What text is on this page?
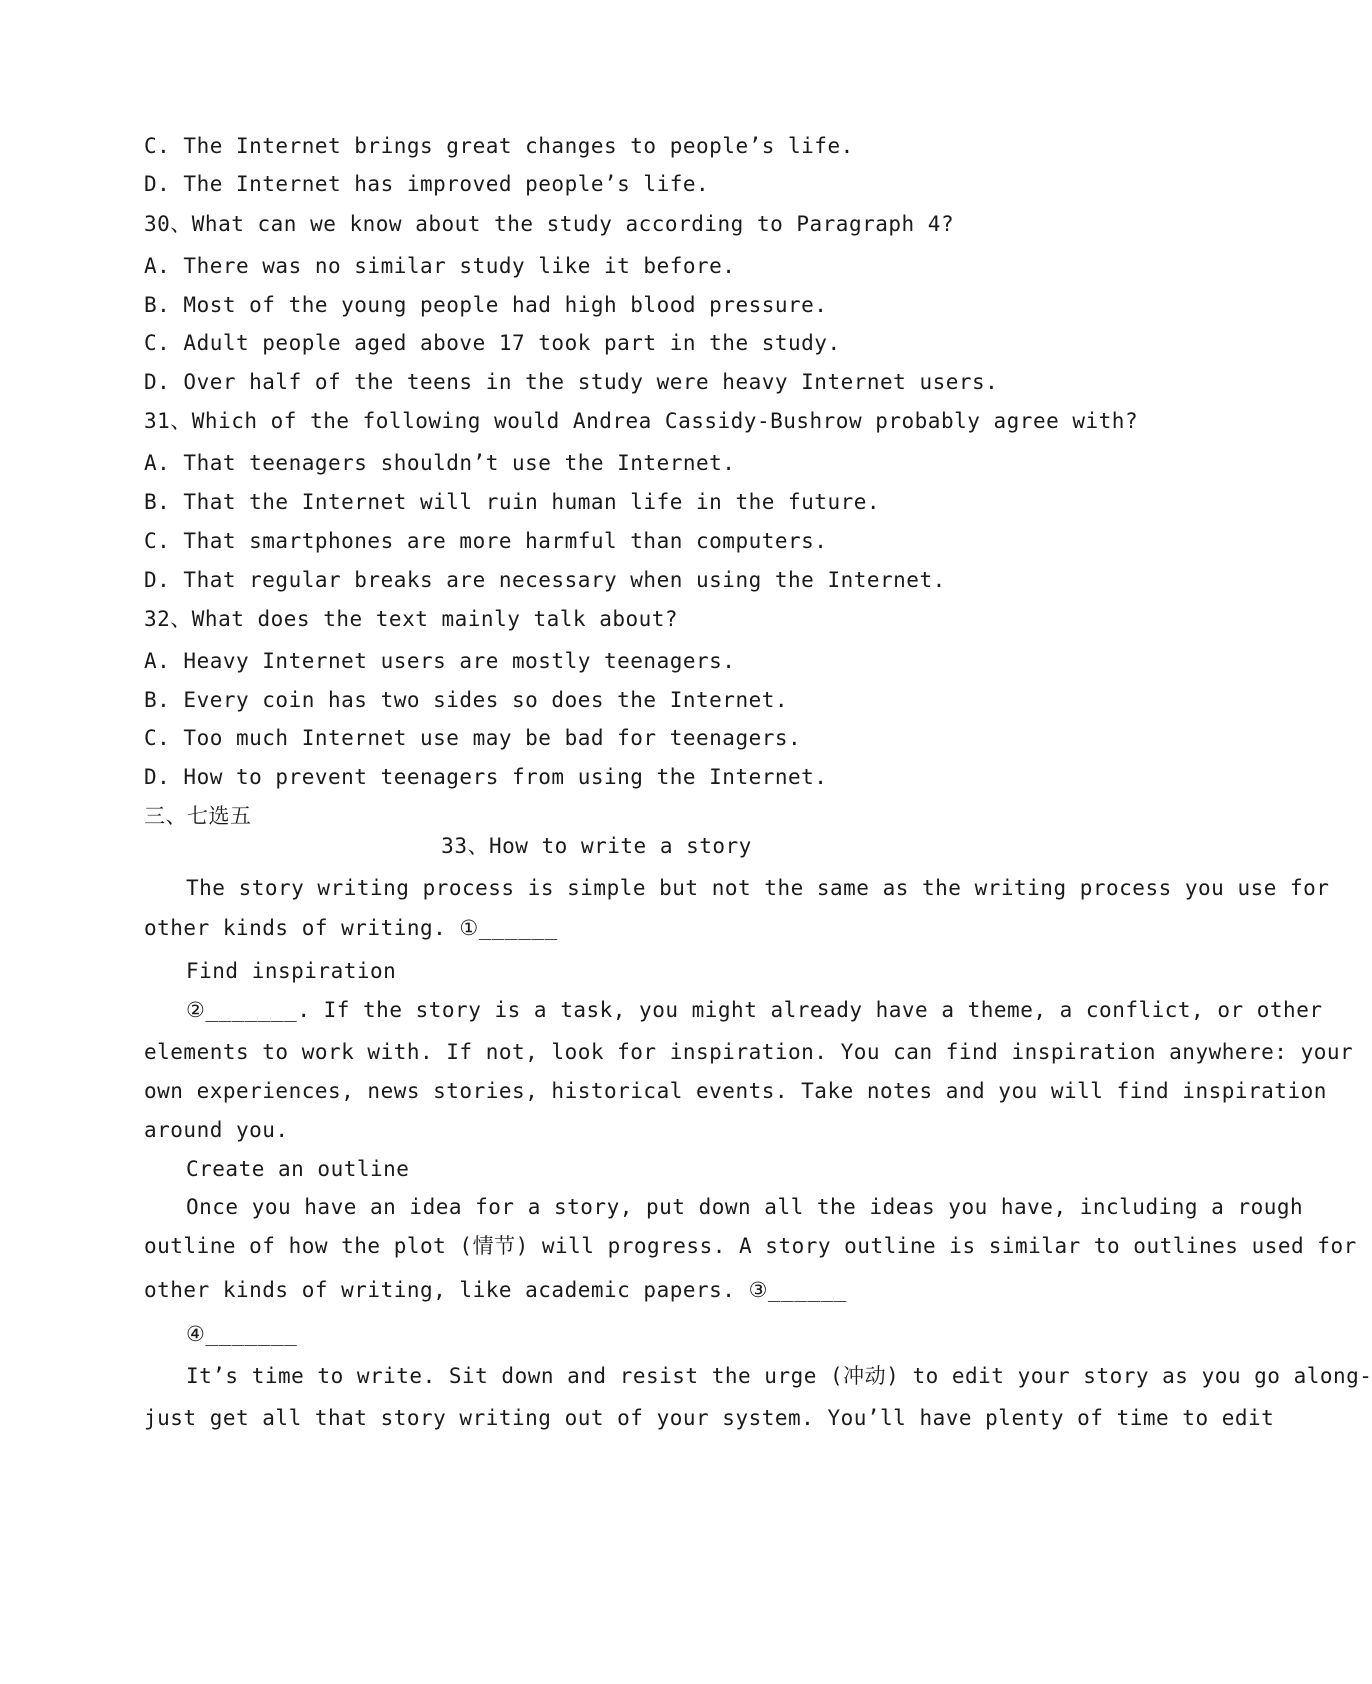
C. The Internet brings great changes to people’s life.
D. The Internet has improved people’s life.
30、What can we know about the study according to Paragraph 4?
A. There was no similar study like it before.
B. Most of the young people had high blood pressure.
C. Adult people aged above 17 took part in the study.
D. Over half of the teens in the study were heavy Internet users.
31、Which of the following would Andrea Cassidy-Bushrow probably agree with?
A. That teenagers shouldn’t use the Internet.
B. That the Internet will ruin human life in the future.
C. That smartphones are more harmful than computers.
D. That regular breaks are necessary when using the Internet.
32、What does the text mainly talk about?
A. Heavy Internet users are mostly teenagers.
B. Every coin has two sides so does the Internet.
C. Too much Internet use may be bad for teenagers.
D. How to prevent teenagers from using the Internet.
三、七选五
33、How to write a story
The story writing process is simple but not the same as the writing process you use for
other kinds of writing. ①______
Find inspiration
②_______. If the story is a task, you might already have a theme, a conflict, or other
elements to work with. If not, look for inspiration. You can find inspiration anywhere: your
own experiences, news stories, historical events. Take notes and you will find inspiration
around you.
Create an outline
Once you have an idea for a story, put down all the ideas you have, including a rough
outline of how the plot (情节) will progress. A story outline is similar to outlines used for
other kinds of writing, like academic papers. ③______
④_______
It’s time to write. Sit down and resist the urge (冲动) to edit your story as you go along-
just get all that story writing out of your system. You’ll have plenty of time to edit
